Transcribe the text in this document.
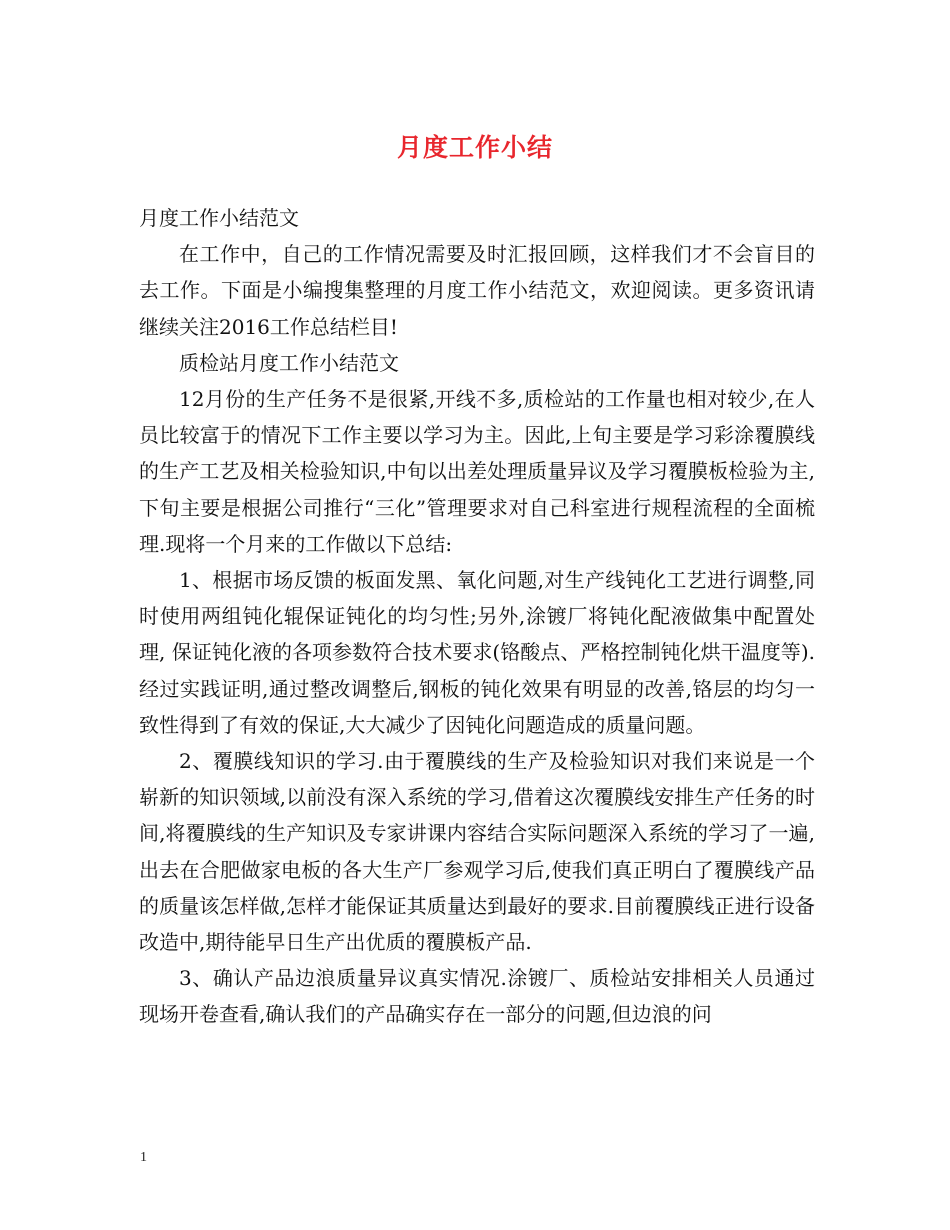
月度工作小结

月度工作小结范文

在工作中，自己的工作情况需要及时汇报回顾，这样我们才不会盲目的去工作。下面是小编搜集整理的月度工作小结范文，欢迎阅读。更多资讯请继续关注2016工作总结栏目!

质检站月度工作小结范文

12月份的生产任务不是很紧,开线不多,质检站的工作量也相对较少,在人员比较富于的情况下工作主要以学习为主。因此,上旬主要是学习彩涂覆膜线的生产工艺及相关检验知识,中旬以出差处理质量异议及学习覆膜板检验为主,下旬主要是根据公司推行“三化”管理要求对自己科室进行规程流程的全面梳理.现将一个月来的工作做以下总结:

1、根据市场反馈的板面发黑、氧化问题,对生产线钝化工艺进行调整,同时使用两组钝化辊保证钝化的均匀性;另外,涂镀厂将钝化配液做集中配置处理, 保证钝化液的各项参数符合技术要求(铬酸点、严格控制钝化烘干温度等).经过实践证明,通过整改调整后,钢板的钝化效果有明显的改善,铬层的均匀一致性得到了有效的保证,大大减少了因钝化问题造成的质量问题。

2、覆膜线知识的学习.由于覆膜线的生产及检验知识对我们来说是一个崭新的知识领域,以前没有深入系统的学习,借着这次覆膜线安排生产任务的时间,将覆膜线的生产知识及专家讲课内容结合实际问题深入系统的学习了一遍,出去在合肥做家电板的各大生产厂参观学习后,使我们真正明白了覆膜线产品的质量该怎样做,怎样才能保证其质量达到最好的要求.目前覆膜线正进行设备改造中,期待能早日生产出优质的覆膜板产品.

3、确认产品边浪质量异议真实情况.涂镀厂、质检站安排相关人员通过现场开卷查看,确认我们的产品确实存在一部分的问题,但边浪的问

1
